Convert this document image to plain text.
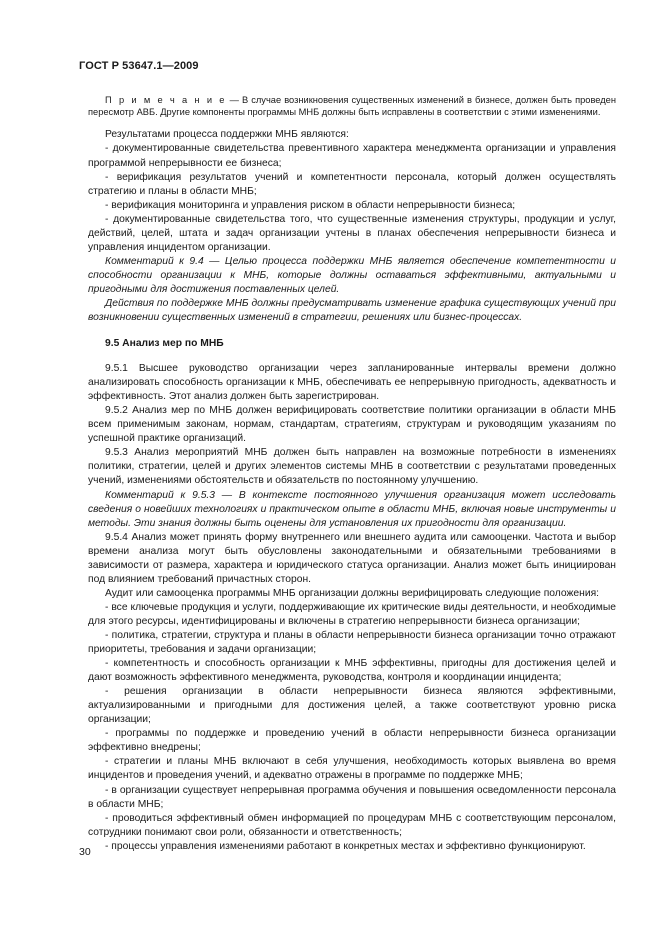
ГОСТ Р 53647.1—2009

П р и м е ч а н и е — В случае возникновения существенных изменений в бизнесе, должен быть проведен пересмотр АВБ. Другие компоненты программы МНБ должны быть исправлены в соответствии с этими изменениями.

Результатами процесса поддержки МНБ являются:

- документированные свидетельства превентивного характера менеджмента организации и управления программой непрерывности ее бизнеса;

- верификация результатов учений и компетентности персонала, который должен осуществлять стратегию и планы в области МНБ;

- верификация мониторинга и управления риском в области непрерывности бизнеса;

- документированные свидетельства того, что существенные изменения структуры, продукции и услуг, действий, целей, штата и задач организации учтены в планах обеспечения непрерывности бизнеса и управления инцидентом организации.

Комментарий к 9.4 — Целью процесса поддержки МНБ является обеспечение компетентности и способности организации к МНБ, которые должны оставаться эффективными, актуальными и пригодными для достижения поставленных целей.

Действия по поддержке МНБ должны предусматривать изменение графика существующих учений при возникновении существенных изменений в стратегии, решениях или бизнес-процессах.

9.5 Анализ мер по МНБ

9.5.1 Высшее руководство организации через запланированные интервалы времени должно анализировать способность организации к МНБ, обеспечивать ее непрерывную пригодность, адекватность и эффективность. Этот анализ должен быть зарегистрирован.

9.5.2 Анализ мер по МНБ должен верифицировать соответствие политики организации в области МНБ всем применимым законам, нормам, стандартам, стратегиям, структурам и руководящим указаниям по успешной практике организаций.

9.5.3 Анализ мероприятий МНБ должен быть направлен на возможные потребности в изменениях политики, стратегии, целей и других элементов системы МНБ в соответствии с результатами проведенных учений, изменениями обстоятельств и обязательств по постоянному улучшению.

Комментарий к 9.5.3 — В контексте постоянного улучшения организация может исследовать сведения о новейших технологиях и практическом опыте в области МНБ, включая новые инструменты и методы. Эти знания должны быть оценены для установления их пригодности для организации.

9.5.4 Анализ может принять форму внутреннего или внешнего аудита или самооценки. Частота и выбор времени анализа могут быть обусловлены законодательными и обязательными требованиями в зависимости от размера, характера и юридического статуса организации. Анализ может быть инициирован под влиянием требований причастных сторон.

Аудит или самооценка программы МНБ организации должны верифицировать следующие положения:

- все ключевые продукция и услуги, поддерживающие их критические виды деятельности, и необходимые для этого ресурсы, идентифицированы и включены в стратегию непрерывности бизнеса организации;

- политика, стратегии, структура и планы в области непрерывности бизнеса организации точно отражают приоритеты, требования и задачи организации;

- компетентность и способность организации к МНБ эффективны, пригодны для достижения целей и дают возможность эффективного менеджмента, руководства, контроля и координации инцидента;

- решения организации в области непрерывности бизнеса являются эффективными, актуализированными и пригодными для достижения целей, а также соответствуют уровню риска организации;

- программы по поддержке и проведению учений в области непрерывности бизнеса организации эффективно внедрены;

- стратегии и планы МНБ включают в себя улучшения, необходимость которых выявлена во время инцидентов и проведения учений, и адекватно отражены в программе по поддержке МНБ;

- в организации существует непрерывная программа обучения и повышения осведомленности персонала в области МНБ;

- проводиться эффективный обмен информацией по процедурам МНБ с соответствующим персоналом, сотрудники понимают свои роли, обязанности и ответственность;

- процессы управления изменениями работают в конкретных местах и эффективно функционируют.

30
